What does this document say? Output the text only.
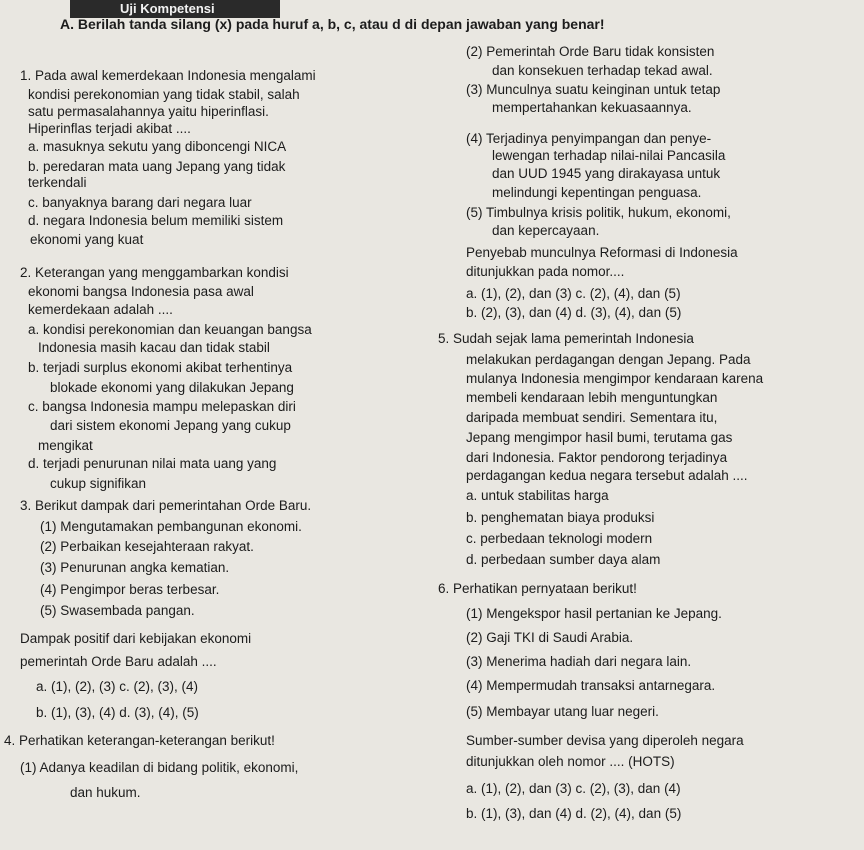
Uji Kompetensi
A. Berilah tanda silang (x) pada huruf a, b, c, atau d di depan jawaban yang benar!
1. Pada awal kemerdekaan Indonesia mengalami
kondisi perekonomian yang tidak stabil, salah
satu permasalahannya yaitu hiperinflasi.
Hiperinflas terjadi akibat ....
a. masuknya sekutu yang diboncengi NICA
b. peredaran mata uang Jepang yang tidak
terkendali
c. banyaknya barang dari negara luar
d. negara Indonesia belum memiliki sistem
ekonomi yang kuat
2. Keterangan yang menggambarkan kondisi
ekonomi bangsa Indonesia pasa awal
kemerdekaan adalah ....
a. kondisi perekonomian dan keuangan bangsa
Indonesia masih kacau dan tidak stabil
b. terjadi surplus ekonomi akibat terhentinya
blokade ekonomi yang dilakukan Jepang
c. bangsa Indonesia mampu melepaskan diri
dari sistem ekonomi Jepang yang cukup
mengikat
d. terjadi penurunan nilai mata uang yang
cukup signifikan
3. Berikut dampak dari pemerintahan Orde Baru.
(1) Mengutamakan pembangunan ekonomi.
(2) Perbaikan kesejahteraan rakyat.
(3) Penurunan angka kematian.
(4) Pengimpor beras terbesar.
(5) Swasembada pangan.
Dampak positif dari kebijakan ekonomi
pemerintah Orde Baru adalah ....
a. (1), (2), (3) c. (2), (3), (4)
b. (1), (3), (4) d. (3), (4), (5)
4. Perhatikan keterangan-keterangan berikut!
(1) Adanya keadilan di bidang politik, ekonomi,
dan hukum.
(2) Pemerintah Orde Baru tidak konsisten
dan konsekuen terhadap tekad awal.
(3) Munculnya suatu keinginan untuk tetap
mempertahankan kekuasaannya.
(4) Terjadinya penyimpangan dan penye-
lewengan terhadap nilai-nilai Pancasila
dan UUD 1945 yang dirakayasa untuk
melindungi kepentingan penguasa.
(5) Timbulnya krisis politik, hukum, ekonomi,
dan kepercayaan.
Penyebab munculnya Reformasi di Indonesia
ditunjukkan pada nomor....
a. (1), (2), dan (3) c. (2), (4), dan (5)
b. (2), (3), dan (4) d. (3), (4), dan (5)
5. Sudah sejak lama pemerintah Indonesia
melakukan perdagangan dengan Jepang. Pada
mulanya Indonesia mengimpor kendaraan karena
membeli kendaraan lebih menguntungkan
daripada membuat sendiri. Sementara itu,
Jepang mengimpor hasil bumi, terutama gas
dari Indonesia. Faktor pendorong terjadinya
perdagangan kedua negara tersebut adalah ....
a. untuk stabilitas harga
b. penghematan biaya produksi
c. perbedaan teknologi modern
d. perbedaan sumber daya alam
6. Perhatikan pernyataan berikut!
(1) Mengekspor hasil pertanian ke Jepang.
(2) Gaji TKI di Saudi Arabia.
(3) Menerima hadiah dari negara lain.
(4) Mempermudah transaksi antarnegara.
(5) Membayar utang luar negeri.
Sumber-sumber devisa yang diperoleh negara
ditunjukkan oleh nomor .... (HOTS)
a. (1), (2), dan (3) c. (2), (3), dan (4)
b. (1), (3), dan (4) d. (2), (4), dan (5)
